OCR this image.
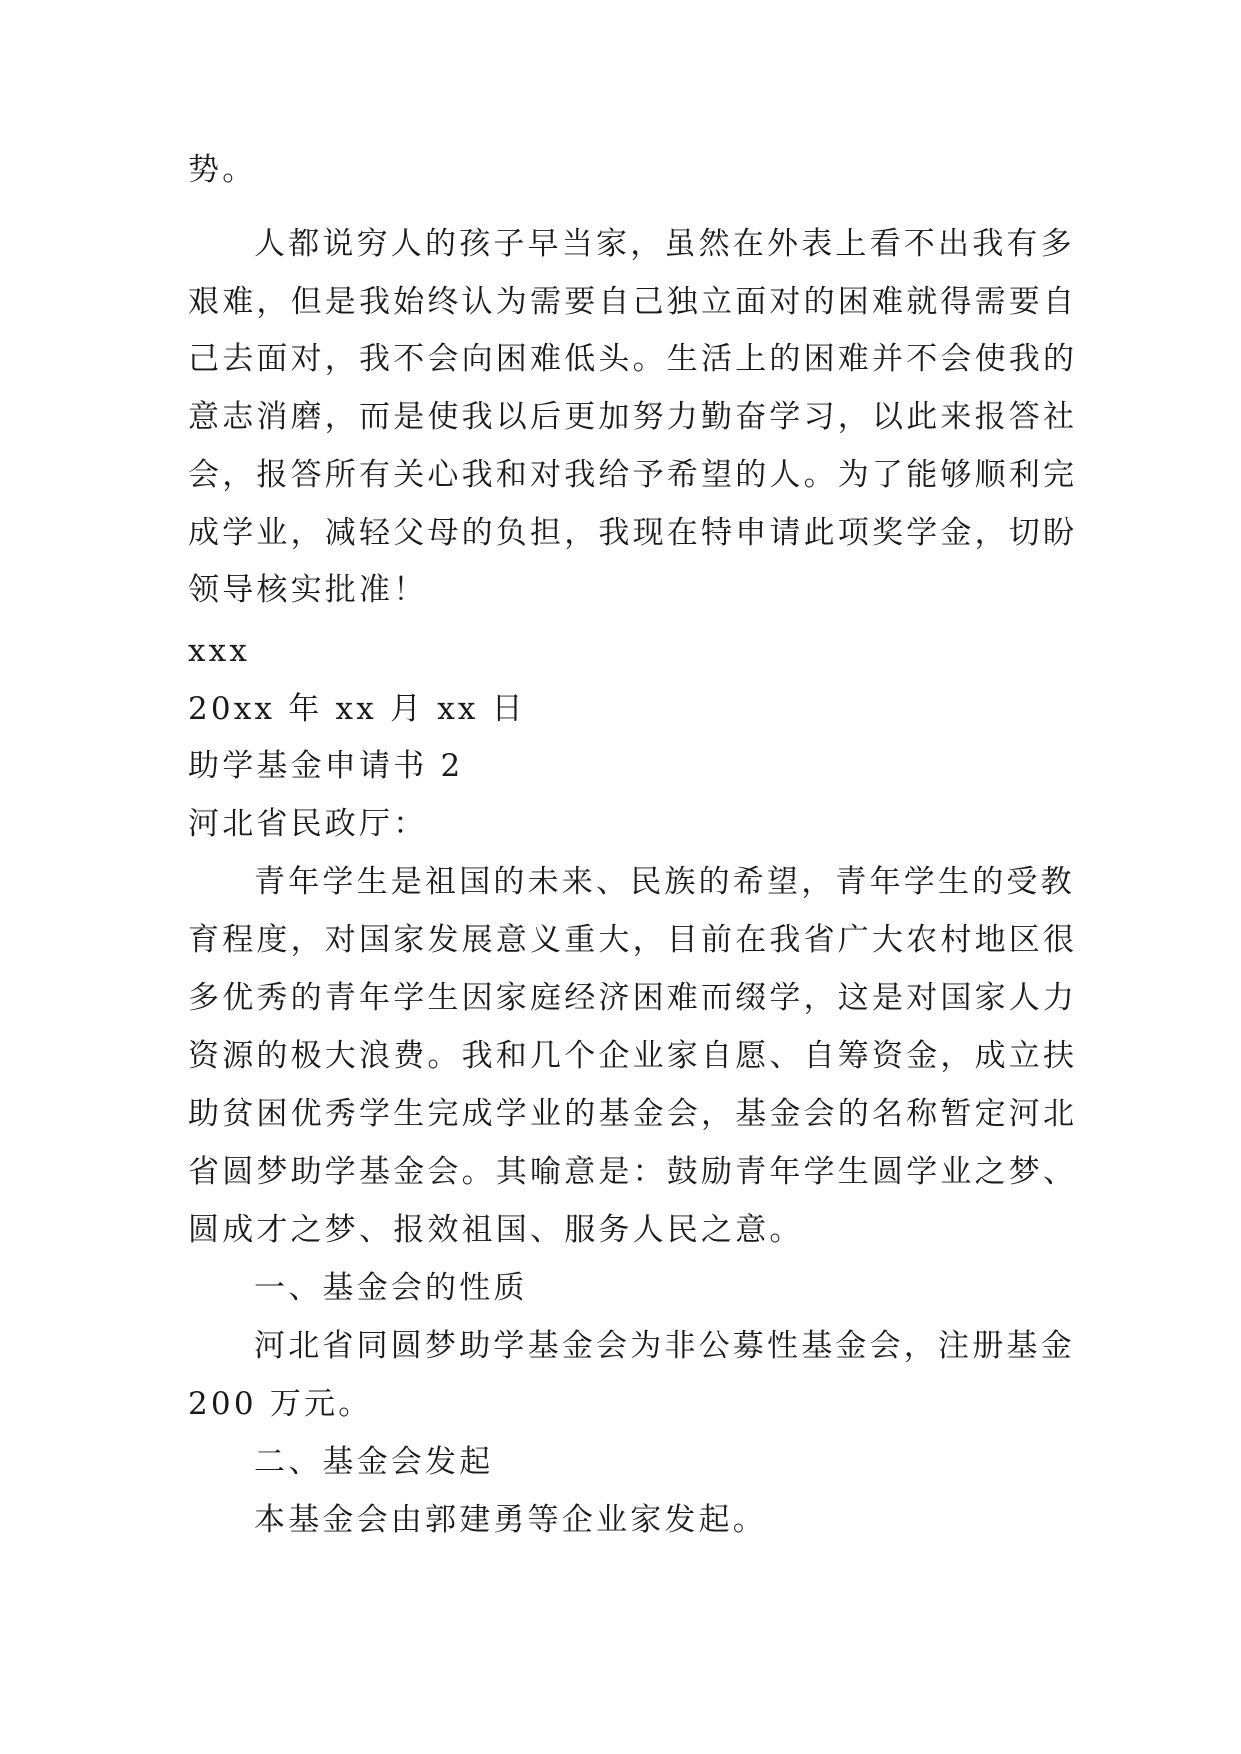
势。
人都说穷人的孩子早当家，虽然在外表上看不出我有多
艰难，但是我始终认为需要自己独立面对的困难就得需要自
己去面对，我不会向困难低头。生活上的困难并不会使我的
意志消磨，而是使我以后更加努力勤奋学习，以此来报答社
会，报答所有关心我和对我给予希望的人。为了能够顺利完
成学业，减轻父母的负担，我现在特申请此项奖学金，切盼
领导核实批准！
xxx
20xx 年 xx 月 xx 日
助学基金申请书 2
河北省民政厅：
青年学生是祖国的未来、民族的希望，青年学生的受教
育程度，对国家发展意义重大，目前在我省广大农村地区很
多优秀的青年学生因家庭经济困难而缀学，这是对国家人力
资源的极大浪费。我和几个企业家自愿、自筹资金，成立扶
助贫困优秀学生完成学业的基金会，基金会的名称暂定河北
省圆梦助学基金会。其喻意是：鼓励青年学生圆学业之梦、
圆成才之梦、报效祖国、服务人民之意。
一、基金会的性质
河北省同圆梦助学基金会为非公募性基金会，注册基金
200 万元。
二、基金会发起
本基金会由郭建勇等企业家发起。
